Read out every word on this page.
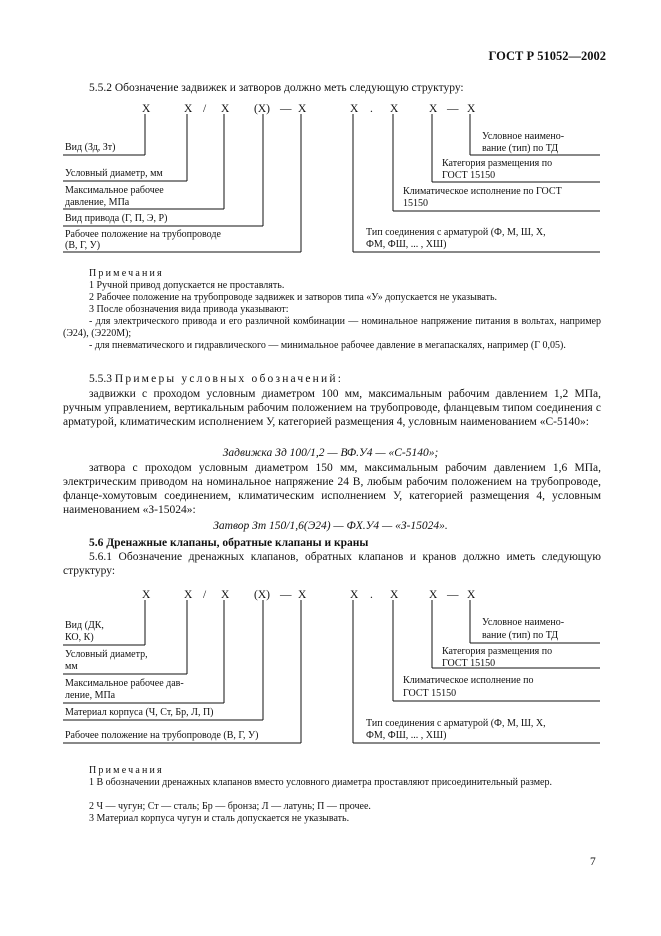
ГОСТ Р 51052—2002
5.5.2 Обозначение задвижек и затворов должно меть следующую структуру:
X	X / X (X) — X	X . X	X — X
Вид (Зд, Зт)
Условный диаметр, мм
Максимальное рабочее
давление, МПа
Вид привода (Г, П, Э, Р)
Рабочее положение на трубопроводе
(В, Г, У)
Условное наимено-
вание (тип) по ТД
Категория размещения по
ГОСТ 15150
Климатическое исполнение по ГОСТ
15150
Тип соединения с арматурой (Ф, М, Ш, Х,
ФМ, ФШ, ... , ХШ)
Примечания
1 Ручной привод допускается не проставлять.
2 Рабочее положение на трубопроводе задвижек и затворов типа «У» допускается не указывать.
3 После обозначения вида привода указывают:
- для электрического привода и его различной комбинации — номинальное напряжение питания в вольтах, например (Э24), (Э220М);
- для пневматического и гидравлического — минимальное рабочее давление в мегапаскалях, например (Г 0,05).
5.5.3 Примеры условных обозначений:
задвижки с проходом условным диаметром 100 мм, максимальным рабочим давлением 1,2 МПа, ручным управлением, вертикальным рабочим положением на трубопроводе, фланцевым типом соединения с арматурой, климатическим исполнением У, категорией размещения 4, условным наименованием «С-5140»:
Задвижка Зд 100/1,2 — ВФ.У4 — «С-5140»;
затвора с проходом условным диаметром 150 мм, максимальным рабочим давлением 1,6 МПа, электрическим приводом на номинальное напряжение 24 В, любым рабочим положением на трубопроводе, фланце-хомутовым соединением, климатическим исполнением У, категорией размещения 4, условным наименованием «З-15024»:
Затвор Зт 150/1,6(Э24) — ФХ.У4 — «З-15024».
5.6 Дренажные клапаны, обратные клапаны и краны
5.6.1 Обозначение дренажных клапанов, обратных клапанов и кранов должно иметь следующую структуру:
X	X / X (X) — X	X . X	X — X
Вид (ДК,
КО, К)
Условный диаметр,
мм
Максимальное рабочее дав-
ление, МПа
Материал корпуса (Ч, Ст, Бр, Л, П)
Рабочее положение на трубопроводе (В, Г, У)
Условное наимено-
вание (тип) по ТД
Категория размещения по
ГОСТ 15150
Климатическое исполнение по
ГОСТ 15150
Тип соединения с арматурой (Ф, М, Ш, Х,
ФМ, ФШ, ... , ХШ)
Примечания
1 В обозначении дренажных клапанов вместо условного диаметра проставляют присоединительный размер.
2 Ч — чугун; Ст — сталь; Бр — бронза; Л — латунь; П — прочее.
3 Материал корпуса чугун и сталь допускается не указывать.
7
